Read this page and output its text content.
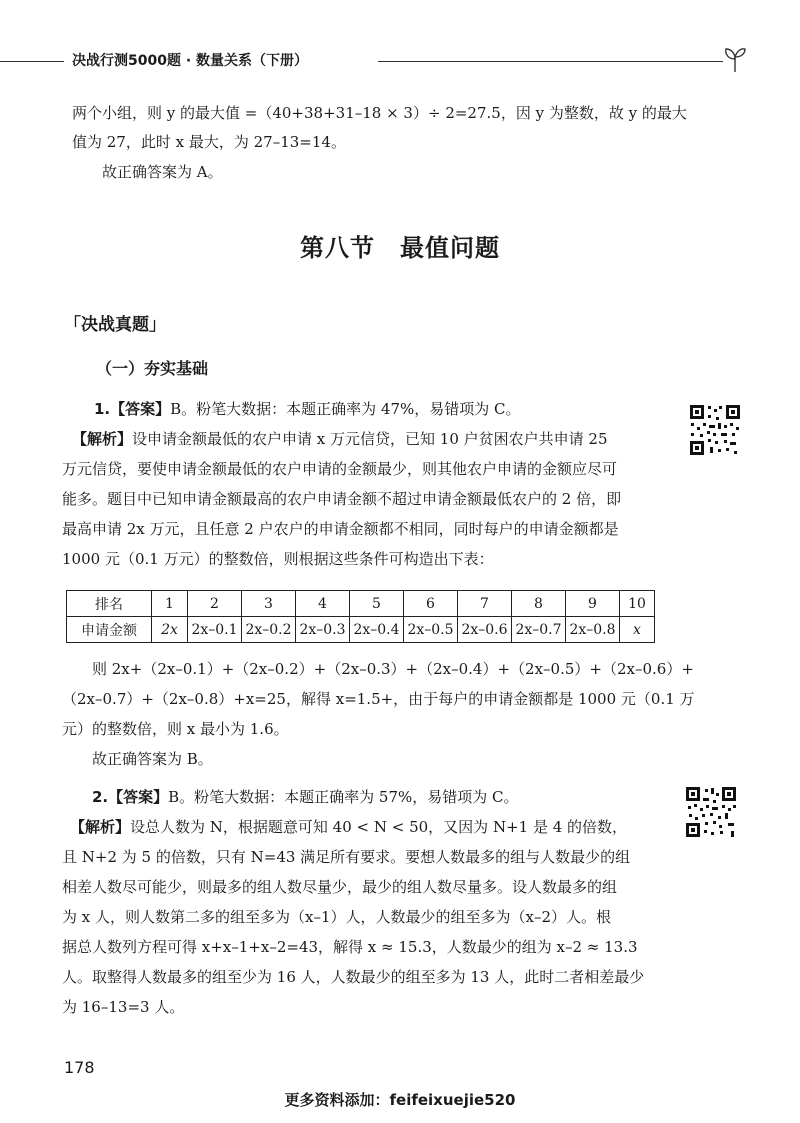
决战行测5000题 · 数量关系（下册）
两个小组，则 y 的最大值 =（40+38+31–18 × 3）÷ 2=27.5，因 y 为整数，故 y 的最大
值为 27，此时 x 最大，为 27–13=14。
故正确答案为 A。
第八节　最值问题
「决战真题」
（一）夯实基础
1.【答案】B。粉笔大数据：本题正确率为 47%，易错项为 C。
【解析】设申请金额最低的农户申请 x 万元信贷，已知 10 户贫困农户共申请 25
万元信贷，要使申请金额最低的农户申请的金额最少，则其他农户申请的金额应尽可
能多。题目中已知申请金额最高的农户申请金额不超过申请金额最低农户的 2 倍，即
最高申请 2x 万元，且任意 2 户农户的申请金额都不相同，同时每户的申请金额都是
1000 元（0.1 万元）的整数倍，则根据这些条件可构造出下表：
排名	1	2	3	4	5	6	7	8	9	10
申请金额	2x	2x–0.1	2x–0.2	2x–0.3	2x–0.4	2x–0.5	2x–0.6	2x–0.7	2x–0.8	x
则 2x+（2x–0.1）+（2x–0.2）+（2x–0.3）+（2x–0.4）+（2x–0.5）+（2x–0.6）+
（2x–0.7）+（2x–0.8）+x=25，解得 x=1.5+，由于每户的申请金额都是 1000 元（0.1 万
元）的整数倍，则 x 最小为 1.6。
故正确答案为 B。
2.【答案】B。粉笔大数据：本题正确率为 57%，易错项为 C。
【解析】设总人数为 N，根据题意可知 40 < N < 50，又因为 N+1 是 4 的倍数，
且 N+2 为 5 的倍数，只有 N=43 满足所有要求。要想人数最多的组与人数最少的组
相差人数尽可能少，则最多的组人数尽量少，最少的组人数尽量多。设人数最多的组
为 x 人，则人数第二多的组至多为（x–1）人，人数最少的组至多为（x–2）人。根
据总人数列方程可得 x+x–1+x–2=43，解得 x ≈ 15.3，人数最少的组为 x–2 ≈ 13.3
人。取整得人数最多的组至少为 16 人，人数最少的组至多为 13 人，此时二者相差最少
为 16–13=3 人。
178
更多资料添加：feifeixuejie520
